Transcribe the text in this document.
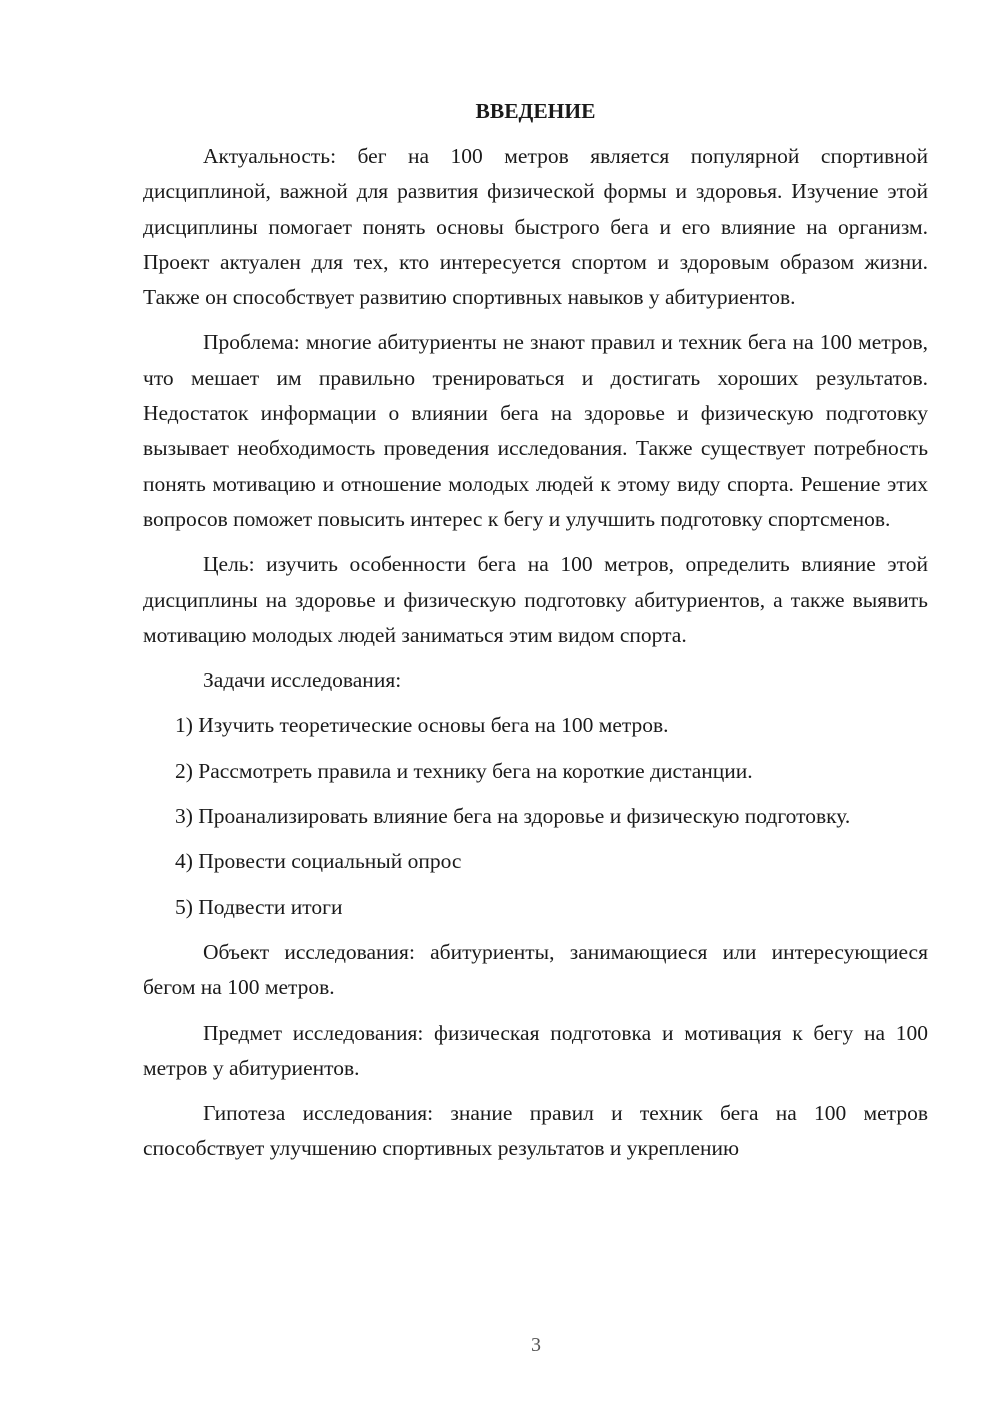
ВВЕДЕНИЕ

Актуальность: бег на 100 метров является популярной спортивной дисциплиной, важной для развития физической формы и здоровья. Изучение этой дисциплины помогает понять основы быстрого бега и его влияние на организм. Проект актуален для тех, кто интересуется спортом и здоровым образом жизни. Также он способствует развитию спортивных навыков у абитуриентов.

Проблема: многие абитуриенты не знают правил и техник бега на 100 метров, что мешает им правильно тренироваться и достигать хороших результатов. Недостаток информации о влиянии бега на здоровье и физическую подготовку вызывает необходимость проведения исследования. Также существует потребность понять мотивацию и отношение молодых людей к этому виду спорта. Решение этих вопросов поможет повысить интерес к бегу и улучшить подготовку спортсменов.

Цель: изучить особенности бега на 100 метров, определить влияние этой дисциплины на здоровье и физическую подготовку абитуриентов, а также выявить мотивацию молодых людей заниматься этим видом спорта.

Задачи исследования:

1) Изучить теоретические основы бега на 100 метров.

2) Рассмотреть правила и технику бега на короткие дистанции.

3) Проанализировать влияние бега на здоровье и физическую подготовку.

4) Провести социальный опрос

5) Подвести итоги

Объект исследования: абитуриенты, занимающиеся или интересующиеся бегом на 100 метров.

Предмет исследования: физическая подготовка и мотивация к бегу на 100 метров у абитуриентов.

Гипотеза исследования: знание правил и техник бега на 100 метров способствует улучшению спортивных результатов и укреплению

3
